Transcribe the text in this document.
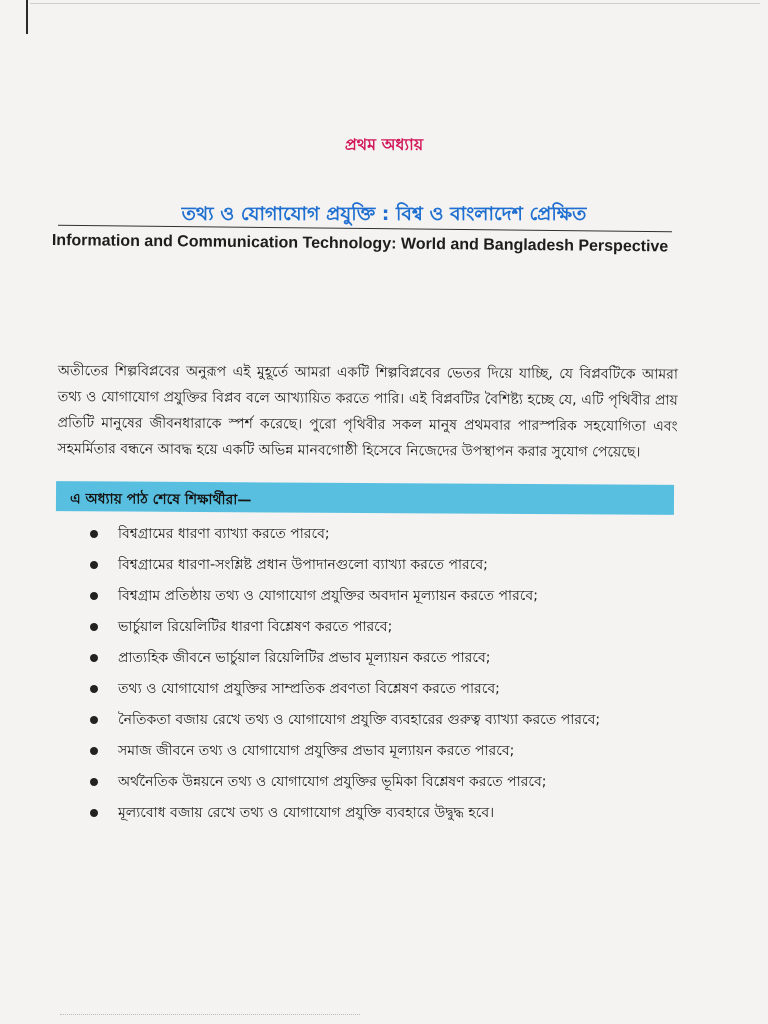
প্রথম অধ্যায়
তথ্য ও যোগাযোগ প্রযুক্তি : বিশ্ব ও বাংলাদেশ প্রেক্ষিত
Information and Communication Technology: World and Bangladesh Perspective

অতীতের শিল্পবিপ্লবের অনুরূপ এই মুহূর্তে আমরা একটি শিল্পবিপ্লবের ভেতর দিয়ে যাচ্ছি, যে বিপ্লবটিকে আমরা তথ্য ও যোগাযোগ প্রযুক্তির বিপ্লব বলে আখ্যায়িত করতে পারি। এই বিপ্লবটির বৈশিষ্ট্য হচ্ছে যে, এটি পৃথিবীর প্রায় প্রতিটি মানুষের জীবনধারাকে স্পর্শ করেছে। পুরো পৃথিবীর সকল মানুষ প্রথমবার পারস্পরিক সহযোগিতা এবং সহমর্মিতার বন্ধনে আবদ্ধ হয়ে একটি অভিন্ন মানবগোষ্ঠী হিসেবে নিজেদের উপস্থাপন করার সুযোগ পেয়েছে।

এ অধ্যায় পাঠ শেষে শিক্ষার্থীরা—
বিশ্বগ্রামের ধারণা ব্যাখ্যা করতে পারবে;
বিশ্বগ্রামের ধারণা-সংশ্লিষ্ট প্রধান উপাদানগুলো ব্যাখ্যা করতে পারবে;
বিশ্বগ্রাম প্রতিষ্ঠায় তথ্য ও যোগাযোগ প্রযুক্তির অবদান মূল্যায়ন করতে পারবে;
ভার্চুয়াল রিয়েলিটির ধারণা বিশ্লেষণ করতে পারবে;
প্রাত্যহিক জীবনে ভার্চুয়াল রিয়েলিটির প্রভাব মূল্যায়ন করতে পারবে;
তথ্য ও যোগাযোগ প্রযুক্তির সাম্প্রতিক প্রবণতা বিশ্লেষণ করতে পারবে;
নৈতিকতা বজায় রেখে তথ্য ও যোগাযোগ প্রযুক্তি ব্যবহারের গুরুত্ব ব্যাখ্যা করতে পারবে;
সমাজ জীবনে তথ্য ও যোগাযোগ প্রযুক্তির প্রভাব মূল্যায়ন করতে পারবে;
অর্থনৈতিক উন্নয়নে তথ্য ও যোগাযোগ প্রযুক্তির ভূমিকা বিশ্লেষণ করতে পারবে;
মূল্যবোধ বজায় রেখে তথ্য ও যোগাযোগ প্রযুক্তি ব্যবহারে উদ্বুদ্ধ হবে।
